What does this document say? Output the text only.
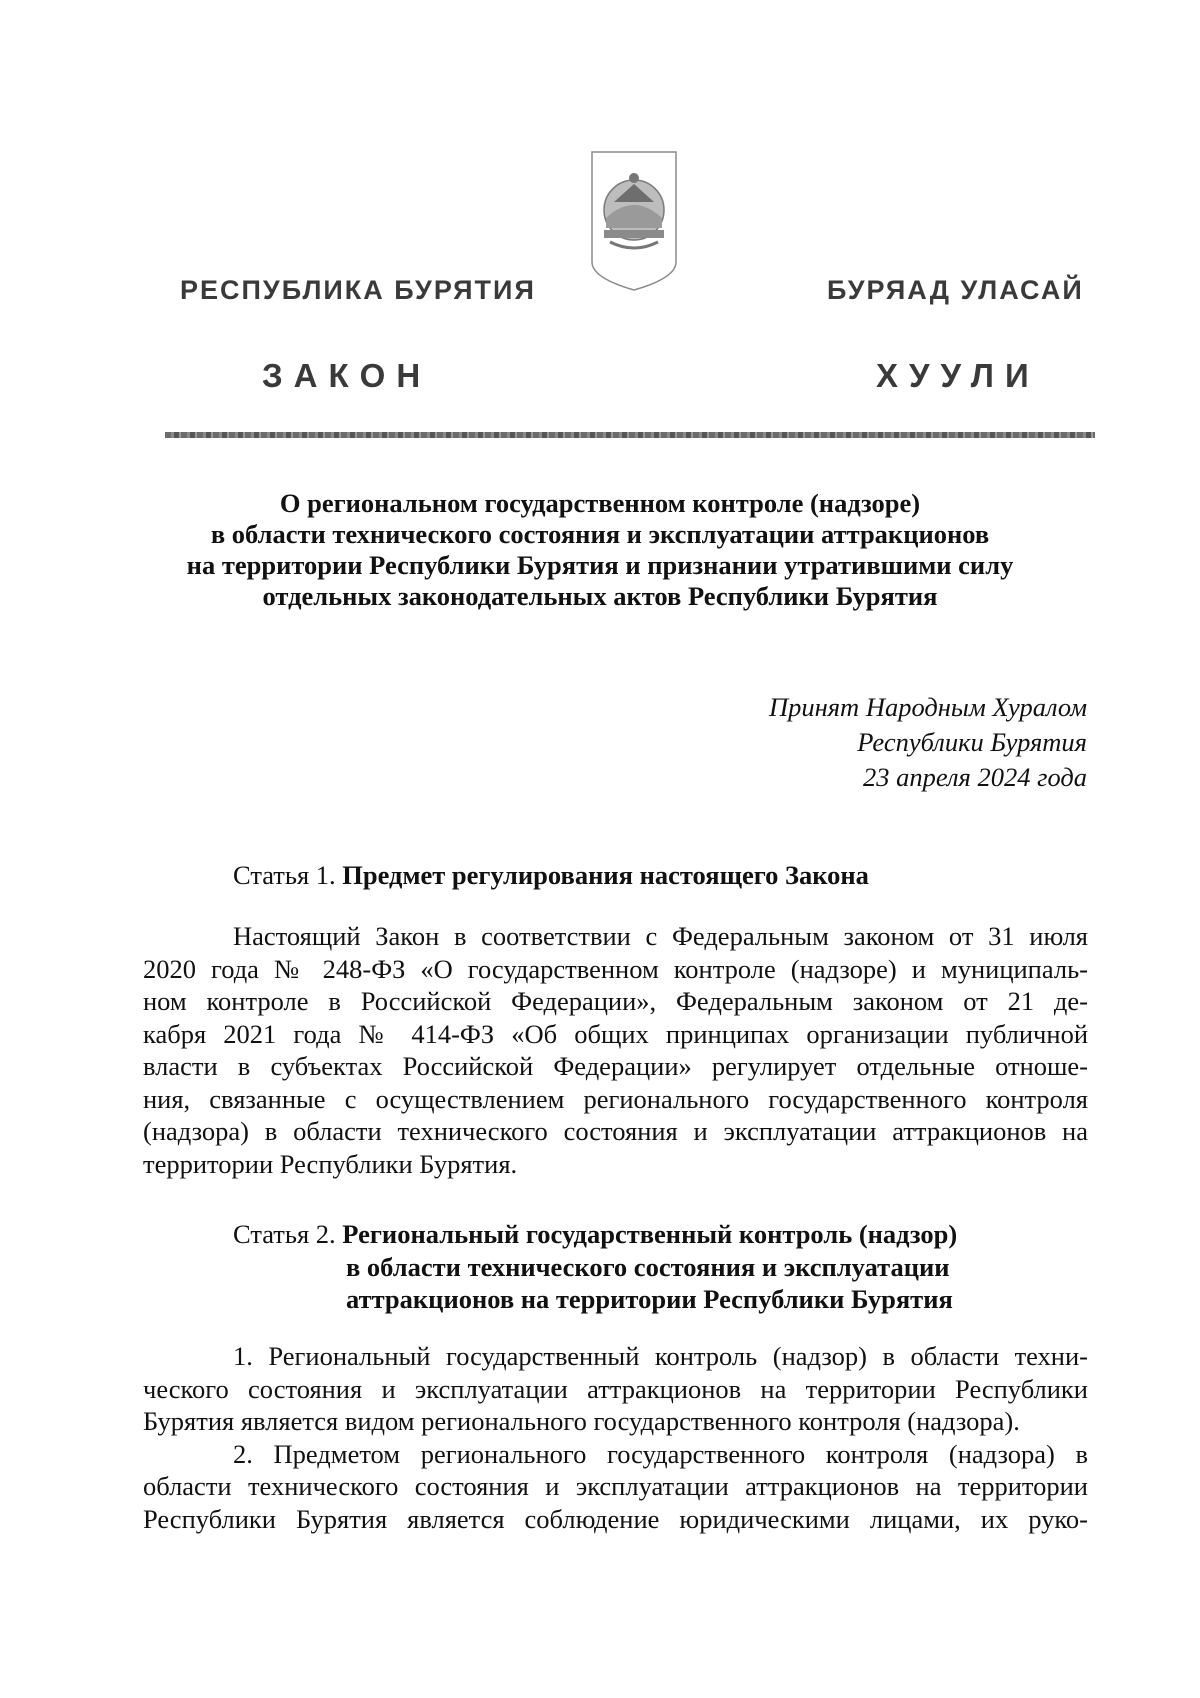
РЕСПУБЛИКА БУРЯТИЯ	БУРЯАД УЛАСАЙ
ЗАКОН	ХУУЛИ
О региональном государственном контроле (надзоре)
в области технического состояния и эксплуатации аттракционов
на территории Республики Бурятия и признании утратившими силу
отдельных законодательных актов Республики Бурятия
Принят Народным Хуралом
Республики Бурятия
23 апреля 2024 года
Статья 1. Предмет регулирования настоящего Закона
Настоящий Закон в соответствии с Федеральным законом от 31 июля
2020 года № 248-ФЗ «О государственном контроле (надзоре) и муниципаль-
ном контроле в Российской Федерации», Федеральным законом от 21 де-
кабря 2021 года № 414-ФЗ «Об общих принципах организации публичной
власти в субъектах Российской Федерации» регулирует отдельные отноше-
ния, связанные с осуществлением регионального государственного контроля
(надзора) в области технического состояния и эксплуатации аттракционов на
территории Республики Бурятия.
Статья 2. Региональный государственный контроль (надзор)
в области технического состояния и эксплуатации
аттракционов на территории Республики Бурятия
1. Региональный государственный контроль (надзор) в области техни-
ческого состояния и эксплуатации аттракционов на территории Республики
Бурятия является видом регионального государственного контроля (надзора).
2. Предметом регионального государственного контроля (надзора) в
области технического состояния и эксплуатации аттракционов на территории
Республики Бурятия является соблюдение юридическими лицами, их руко-
